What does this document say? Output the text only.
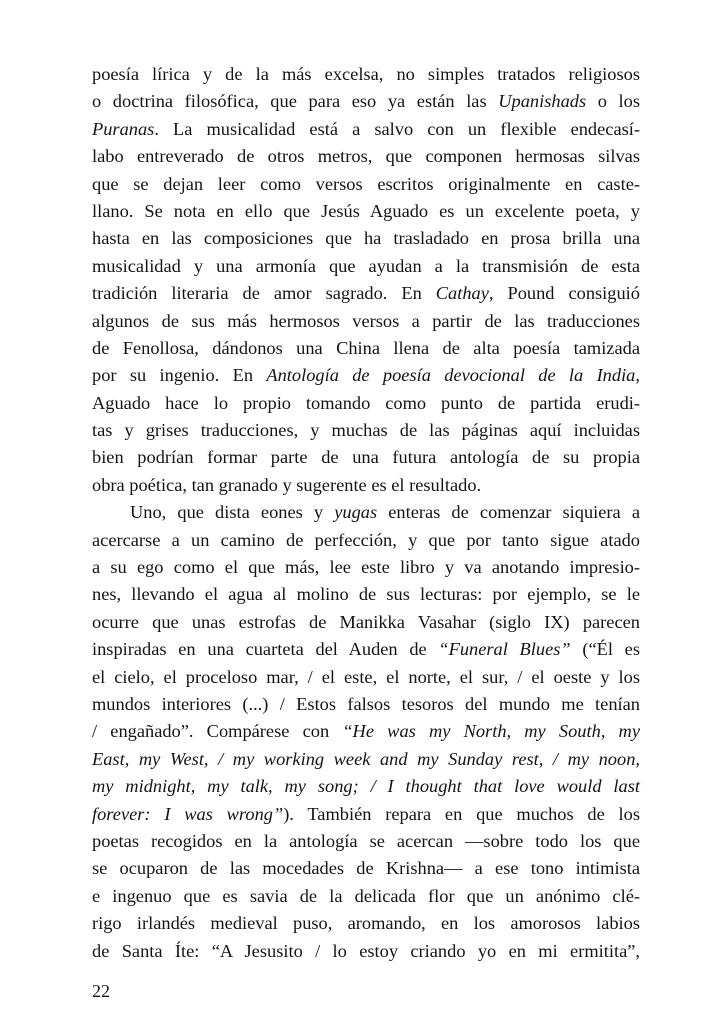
poesía lírica y de la más excelsa, no simples tratados religiosos
o doctrina filosófica, que para eso ya están las Upanishads o los
Puranas. La musicalidad está a salvo con un flexible endecasí-
labo entreverado de otros metros, que componen hermosas silvas
que se dejan leer como versos escritos originalmente en caste-
llano. Se nota en ello que Jesús Aguado es un excelente poeta, y
hasta en las composiciones que ha trasladado en prosa brilla una
musicalidad y una armonía que ayudan a la transmisión de esta
tradición literaria de amor sagrado. En Cathay, Pound consiguió
algunos de sus más hermosos versos a partir de las traducciones
de Fenollosa, dándonos una China llena de alta poesía tamizada
por su ingenio. En Antología de poesía devocional de la India,
Aguado hace lo propio tomando como punto de partida erudi-
tas y grises traducciones, y muchas de las páginas aquí incluidas
bien podrían formar parte de una futura antología de su propia
obra poética, tan granado y sugerente es el resultado.
Uno, que dista eones y yugas enteras de comenzar siquiera a
acercarse a un camino de perfección, y que por tanto sigue atado
a su ego como el que más, lee este libro y va anotando impresio-
nes, llevando el agua al molino de sus lecturas: por ejemplo, se le
ocurre que unas estrofas de Manikka Vasahar (siglo IX) parecen
inspiradas en una cuarteta del Auden de “Funeral Blues” (“Él es
el cielo, el proceloso mar, / el este, el norte, el sur, / el oeste y los
mundos interiores (...) / Estos falsos tesoros del mundo me tenían
/ engañado”. Compárese con “He was my North, my South, my
East, my West, / my working week and my Sunday rest, / my noon,
my midnight, my talk, my song; / I thought that love would last
forever: I was wrong”). También repara en que muchos de los
poetas recogidos en la antología se acercan —sobre todo los que
se ocuparon de las mocedades de Krishna— a ese tono intimista
e ingenuo que es savia de la delicada flor que un anónimo clé-
rigo irlandés medieval puso, aromando, en los amorosos labios
de Santa Íte: “A Jesusito / lo estoy criando yo en mi ermitita”,
22
